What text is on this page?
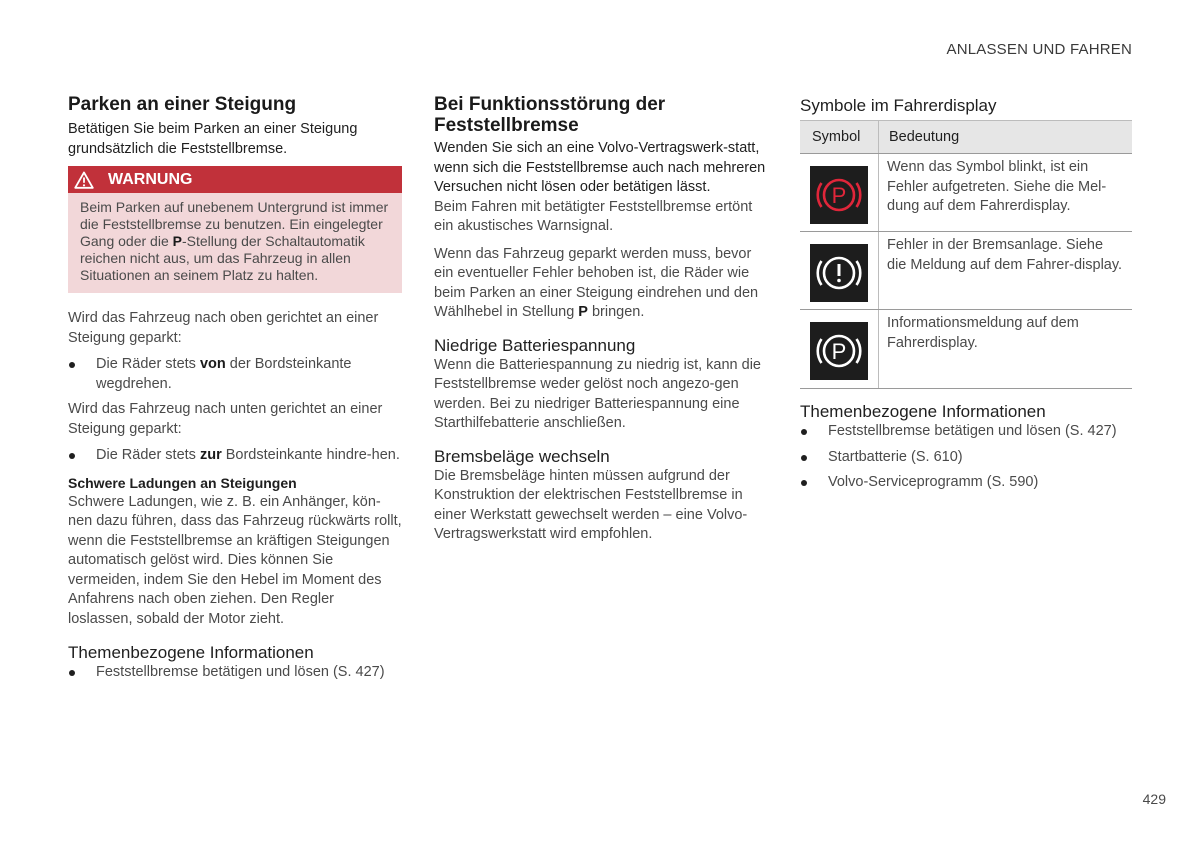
ANLASSEN UND FAHREN
Parken an einer Steigung

Betätigen Sie beim Parken an einer Steigung grundsätzlich die Feststellbremse.

WARNUNG
Beim Parken auf unebenem Untergrund ist immer die Feststellbremse zu benutzen. Ein eingelegter Gang oder die P-Stellung der Schaltautomatik reichen nicht aus, um das Fahrzeug in allen Situationen an seinem Platz zu halten.

Wird das Fahrzeug nach oben gerichtet an einer Steigung geparkt:

Die Räder stets von der Bordsteinkante wegdrehen.

Wird das Fahrzeug nach unten gerichtet an einer Steigung geparkt:

Die Räder stets zur Bordsteinkante hindre-hen.
Schwere Ladungen an Steigungen

Schwere Ladungen, wie z. B. ein Anhänger, kön-nen dazu führen, dass das Fahrzeug rückwärts rollt, wenn die Feststellbremse an kräftigen Steigungen automatisch gelöst wird. Dies können Sie vermeiden, indem Sie den Hebel im Moment des Anfahrens nach oben ziehen. Den Regler loslassen, sobald der Motor zieht.

Themenbezogene Informationen
Feststellbremse betätigen und lösen (S. 427)
Bei Funktionsstörung der Feststellbremse

Wenden Sie sich an eine Volvo-Vertragswerk-statt, wenn sich die Feststellbremse auch nach mehreren Versuchen nicht lösen oder betätigen lässt.

Beim Fahren mit betätigter Feststellbremse ertönt ein akustisches Warnsignal.

Wenn das Fahrzeug geparkt werden muss, bevor ein eventueller Fehler behoben ist, die Räder wie beim Parken an einer Steigung eindrehen und den Wählhebel in Stellung P bringen.

Niedrige Batteriespannung

Wenn die Batteriespannung zu niedrig ist, kann die Feststellbremse weder gelöst noch angezo-gen werden. Bei zu niedriger Batteriespannung eine Starthilfebatterie anschließen.

Bremsbeläge wechseln

Die Bremsbeläge hinten müssen aufgrund der Konstruktion der elektrischen Feststellbremse in einer Werkstatt gewechselt werden – eine Volvo-Vertragswerkstatt wird empfohlen.

Symbole im Fahrerdisplay
Symbol	Bedeutung

P	Wenn das Symbol blinkt, ist ein Fehler aufgetreten. Siehe die Mel-dung auf dem Fahrerdisplay.

	Fehler in der Bremsanlage. Siehe die Meldung auf dem Fahrer-display.

P	Informationsmeldung auf dem Fahrerdisplay.
Themenbezogene Informationen
Feststellbremse betätigen und lösen (S. 427)
Startbatterie (S. 610)
Volvo-Serviceprogramm (S. 590)
429
